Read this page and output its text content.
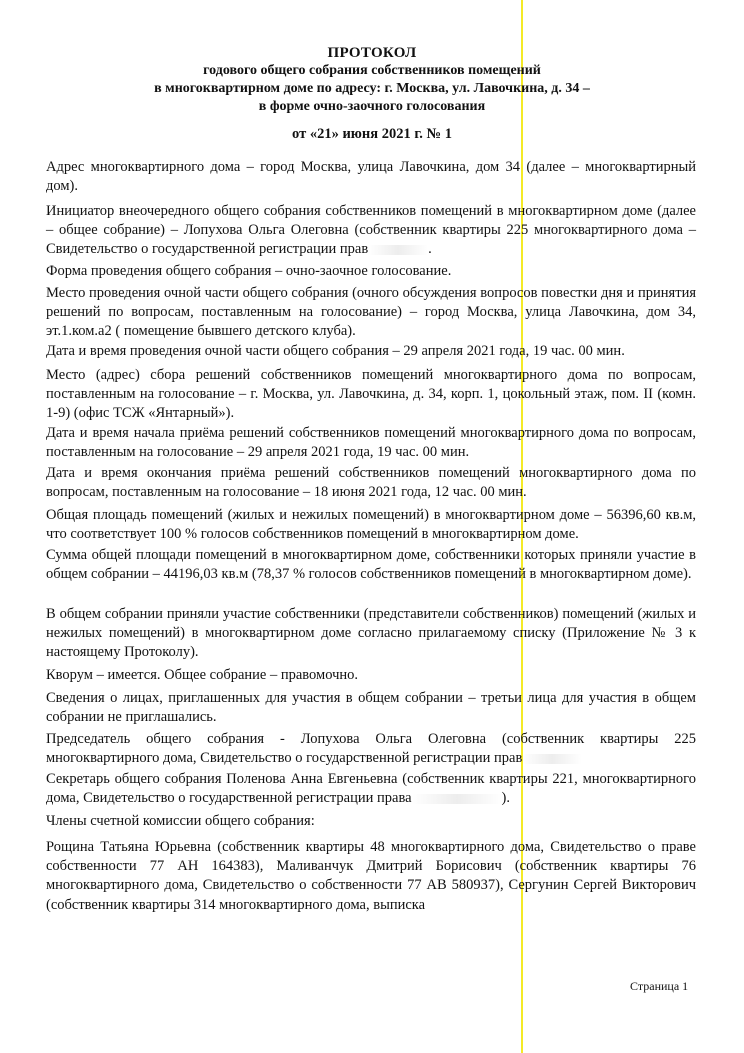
ПРОТОКОЛ
годового общего собрания собственников помещений
в многоквартирном доме по адресу: г. Москва, ул. Лавочкина, д. 34 –
в форме очно-заочного голосования
от «21» июня 2021 г. № 1

Адрес многоквартирного дома – город Москва, улица Лавочкина, дом 34 (далее – многоквартирный дом).

Инициатор внеочередного общего собрания собственников помещений в многоквартирном доме (далее – общее собрание) – Лопухова Ольга Олеговна (собственник квартиры 225 многоквартирного дома – Свидетельство о государственной регистрации прав	.

Форма проведения общего собрания – очно-заочное голосование.

Место проведения очной части общего собрания (очного обсуждения вопросов повестки дня и принятия решений по вопросам, поставленным на голосование) – город Москва, улица Лавочкина, дом 34, эт.1.ком.а2 ( помещение бывшего детского клуба).

Дата и время проведения очной части общего собрания – 29 апреля 2021 года, 19 час. 00 мин.

Место (адрес) сбора решений собственников помещений многоквартирного дома по вопросам, поставленным на голосование – г. Москва, ул. Лавочкина, д. 34, корп. 1, цокольный этаж, пом. II (комн. 1-9) (офис ТСЖ «Янтарный»).

Дата и время начала приёма решений собственников помещений многоквартирного дома по вопросам, поставленным на голосование – 29 апреля 2021 года, 19 час. 00 мин.

Дата и время окончания приёма решений собственников помещений многоквартирного дома по вопросам, поставленным на голосование – 18 июня 2021 года, 12 час. 00 мин.

Общая площадь помещений (жилых и нежилых помещений) в многоквартирном доме – 56396,60 кв.м, что соответствует 100 % голосов собственников помещений в многоквартирном доме.

Сумма общей площади помещений в многоквартирном доме, собственники которых приняли участие в общем собрании – 44196,03 кв.м (78,37 % голосов собственников помещений в многоквартирном доме).

В общем собрании приняли участие собственники (представители собственников) помещений (жилых и нежилых помещений) в многоквартирном доме согласно прилагаемому списку (Приложение № 3 к настоящему Протоколу).

Кворум – имеется. Общее собрание – правомочно.

Сведения о лицах, приглашенных для участия в общем собрании – третьи лица для участия в общем собрании не приглашались.

Председатель общего собрания - Лопухова Ольга Олеговна (собственник квартиры 225 многоквартирного дома, Свидетельство о государственной регистрации прав

Секретарь общего собрания Поленова Анна Евгеньевна (собственник квартиры 221, многоквартирного дома, Свидетельство о государственной регистрации права	).

Члены счетной комиссии общего собрания:

Рощина Татьяна Юрьевна (собственник квартиры 48 многоквартирного дома, Свидетельство о праве собственности 77 АН 164383), Маливанчук Дмитрий Борисович (собственник квартиры 76 многоквартирного дома, Свидетельство о собственности 77 АВ 580937), Сергунин Сергей Викторович (собственник квартиры 314 многоквартирного дома, выписка

Страница 1
